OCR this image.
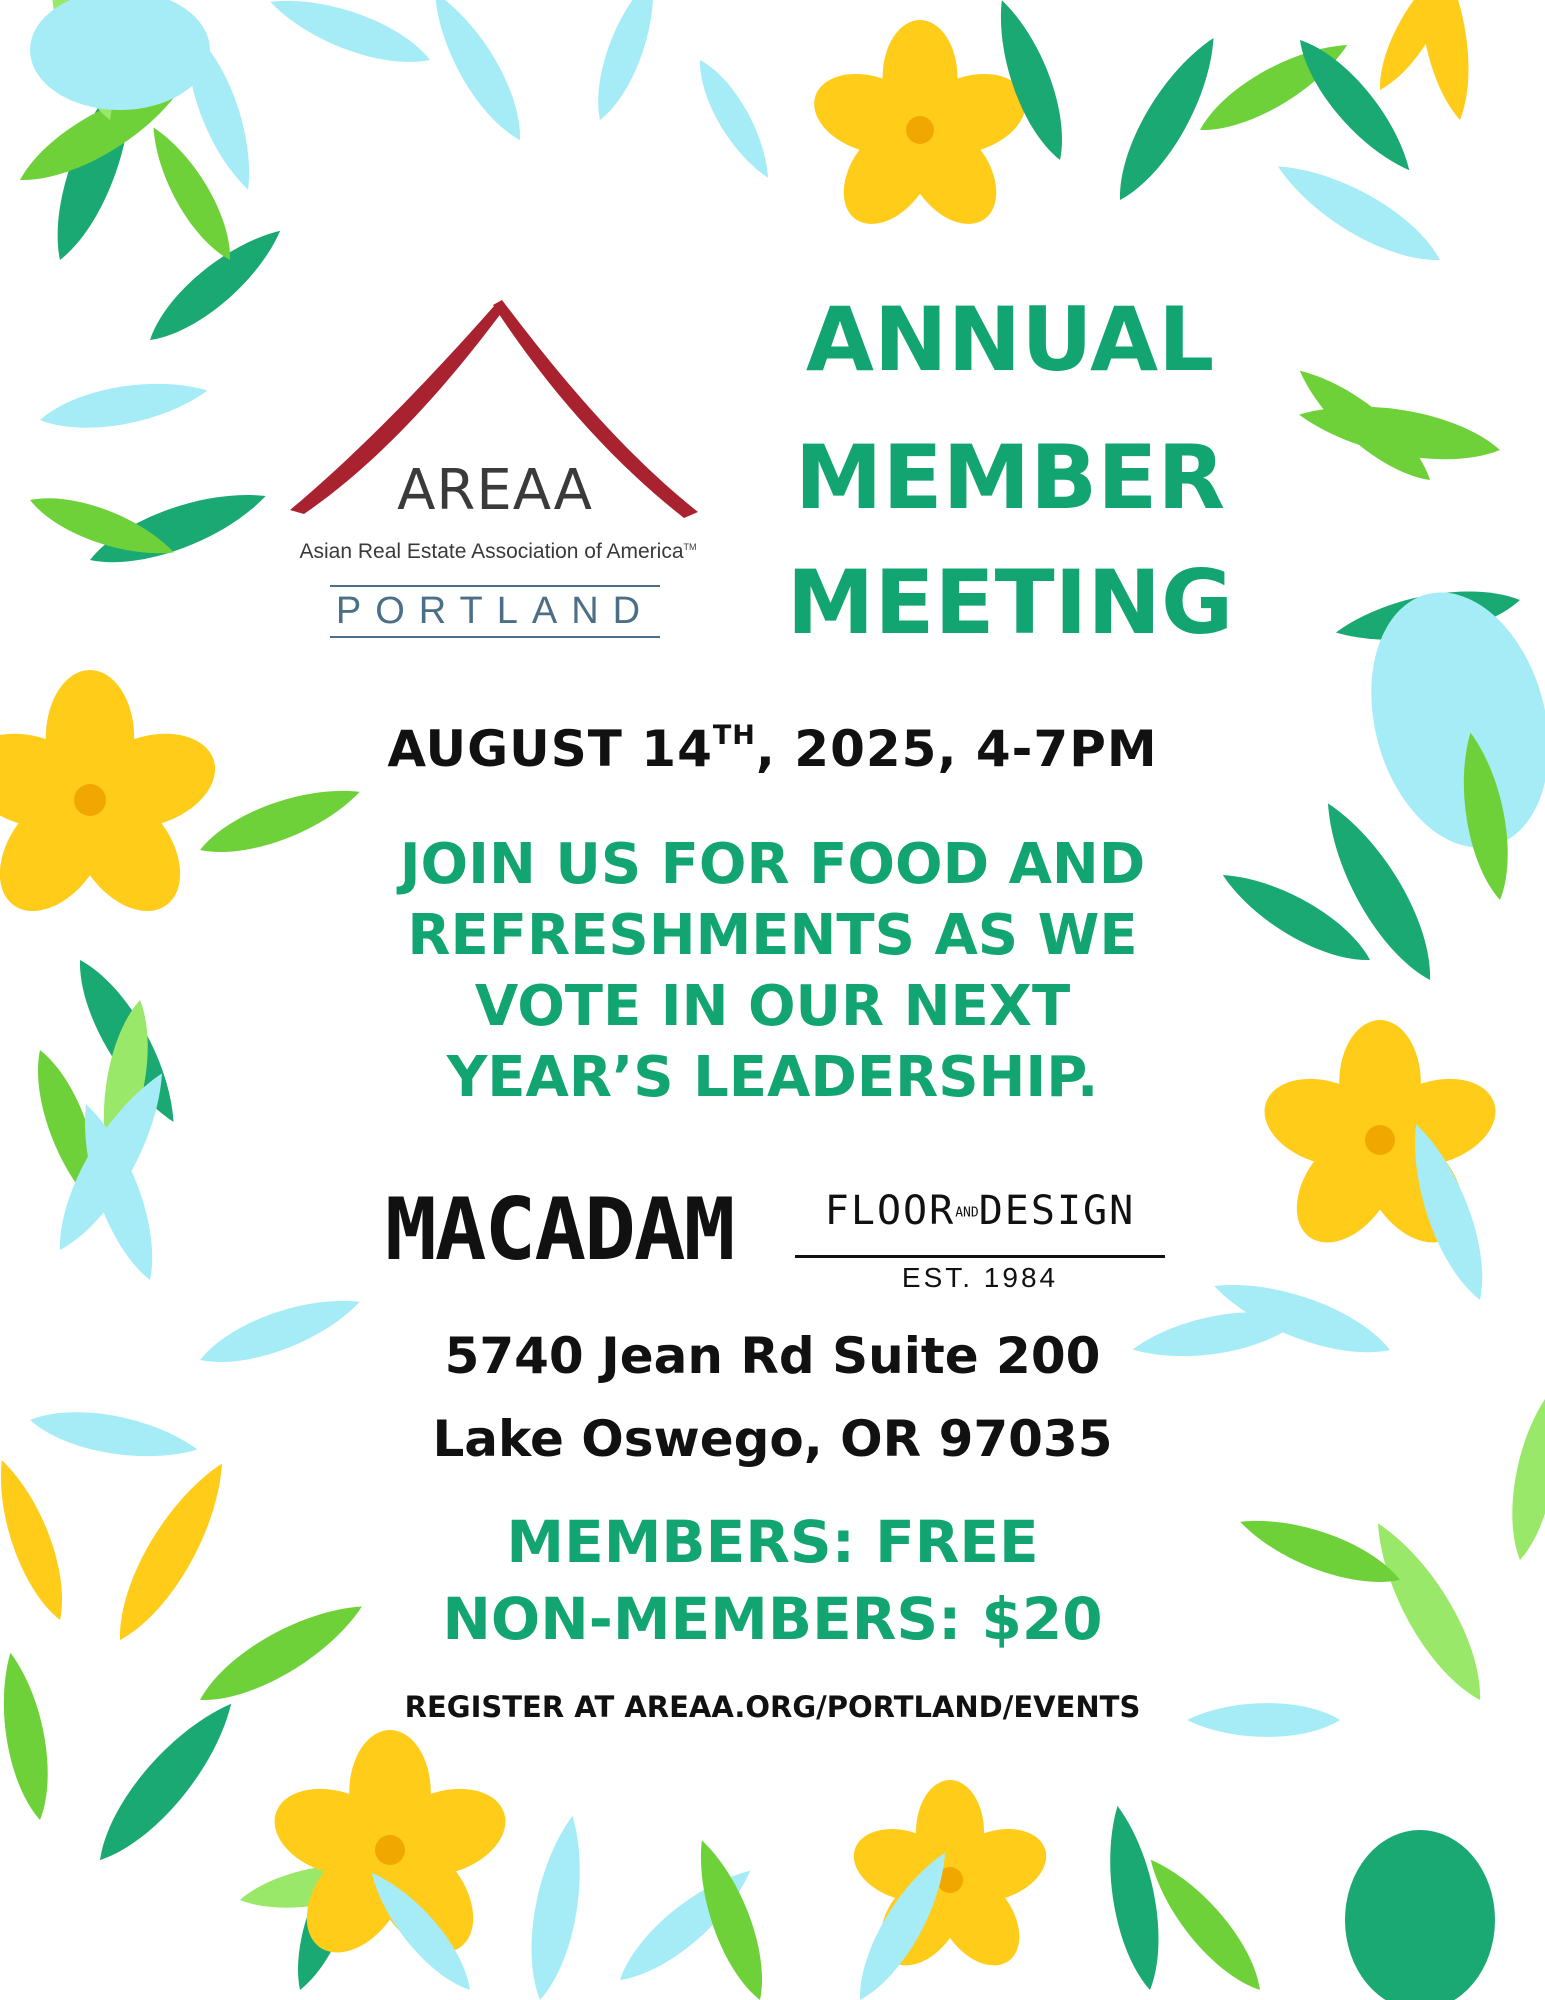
AREAA
Asian Real Estate Association of America™
PORTLAND
ANNUAL
MEMBER
MEETING
AUGUST 14TH, 2025, 4-7PM
JOIN US FOR FOOD AND
REFRESHMENTS AS WE
VOTE IN OUR NEXT
YEAR’S LEADERSHIP.
MACADAM	FLOORANDDESIGN
EST. 1984
5740 Jean Rd Suite 200
Lake Oswego, OR 97035
MEMBERS: FREE
NON-MEMBERS: $20
REGISTER AT AREAA.ORG/PORTLAND/EVENTS
